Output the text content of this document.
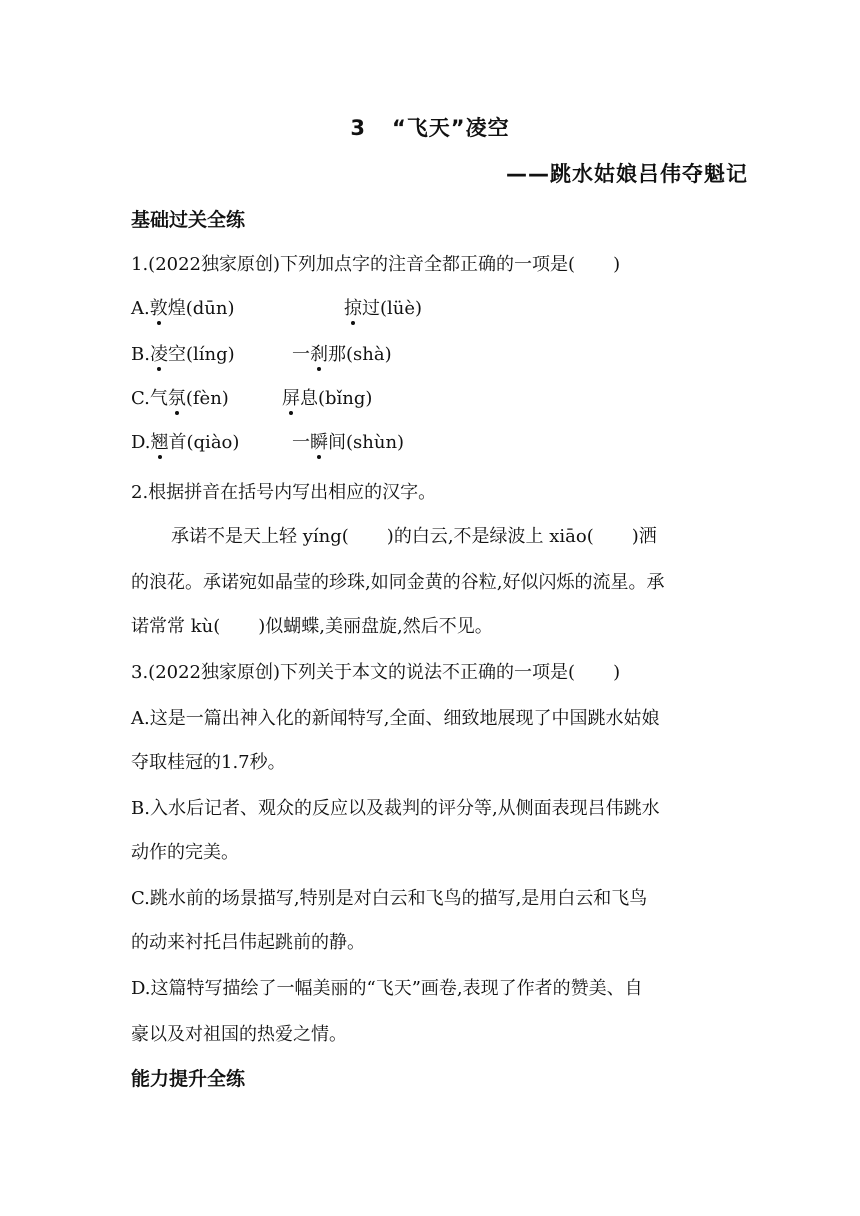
3 “飞天”凌空
——跳水姑娘吕伟夺魁记
基础过关全练
1.(2022独家原创)下列加点字的注音全都正确的一项是( )
A.敦煌(dūn)	掠过(lüè)
B.凌空(líng)	一刹那(shà)
C.气氛(fèn)	屏息(bǐng)
D.翘首(qiào)	一瞬间(shùn)
2.根据拼音在括号内写出相应的汉字。
承诺不是天上轻 yíng( )的白云,不是绿波上 xiāo( )洒
的浪花。承诺宛如晶莹的珍珠,如同金黄的谷粒,好似闪烁的流星。承
诺常常 kù( )似蝴蝶,美丽盘旋,然后不见。
3.(2022独家原创)下列关于本文的说法不正确的一项是( )
A.这是一篇出神入化的新闻特写,全面、细致地展现了中国跳水姑娘
夺取桂冠的1.7秒。
B.入水后记者、观众的反应以及裁判的评分等,从侧面表现吕伟跳水
动作的完美。
C.跳水前的场景描写,特别是对白云和飞鸟的描写,是用白云和飞鸟
的动来衬托吕伟起跳前的静。
D.这篇特写描绘了一幅美丽的“飞天”画卷,表现了作者的赞美、自
豪以及对祖国的热爱之情。
能力提升全练
